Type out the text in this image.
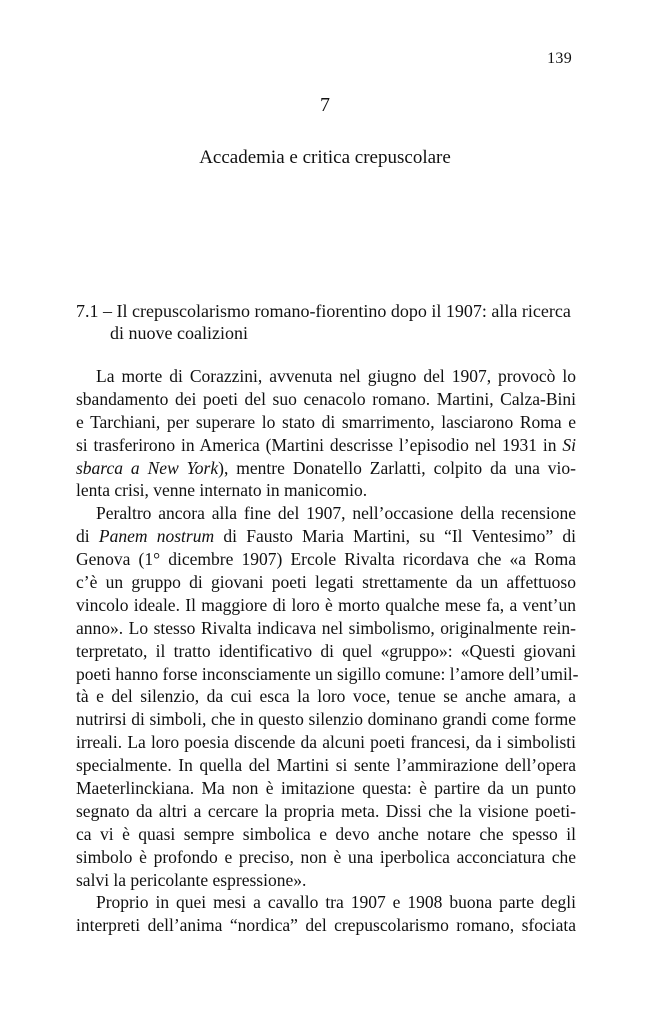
139
7
Accademia e critica crepuscolare
7.1 – Il crepuscolarismo romano-fiorentino dopo il 1907: alla ricerca
di nuove coalizioni
La morte di Corazzini, avvenuta nel giugno del 1907, provocò lo
sbandamento dei poeti del suo cenacolo romano. Martini, Calza-Bini
e Tarchiani, per superare lo stato di smarrimento, lasciarono Roma e
si trasferirono in America (Martini descrisse l’episodio nel 1931 in Si
sbarca a New York), mentre Donatello Zarlatti, colpito da una vio-
lenta crisi, venne internato in manicomio.
Peraltro ancora alla fine del 1907, nell’occasione della recensione
di Panem nostrum di Fausto Maria Martini, su “Il Ventesimo” di
Genova (1° dicembre 1907) Ercole Rivalta ricordava che «a Roma
c’è un gruppo di giovani poeti legati strettamente da un affettuoso
vincolo ideale. Il maggiore di loro è morto qualche mese fa, a vent’un
anno». Lo stesso Rivalta indicava nel simbolismo, originalmente rein-
terpretato, il tratto identificativo di quel «gruppo»: «Questi giovani
poeti hanno forse inconsciamente un sigillo comune: l’amore dell’umil-
tà e del silenzio, da cui esca la loro voce, tenue se anche amara, a
nutrirsi di simboli, che in questo silenzio dominano grandi come forme
irreali. La loro poesia discende da alcuni poeti francesi, da i simbolisti
specialmente. In quella del Martini si sente l’ammirazione dell’opera
Maeterlinckiana. Ma non è imitazione questa: è partire da un punto
segnato da altri a cercare la propria meta. Dissi che la visione poeti-
ca vi è quasi sempre simbolica e devo anche notare che spesso il
simbolo è profondo e preciso, non è una iperbolica acconciatura che
salvi la pericolante espressione».
Proprio in quei mesi a cavallo tra 1907 e 1908 buona parte degli
interpreti dell’anima “nordica” del crepuscolarismo romano, sfociata
